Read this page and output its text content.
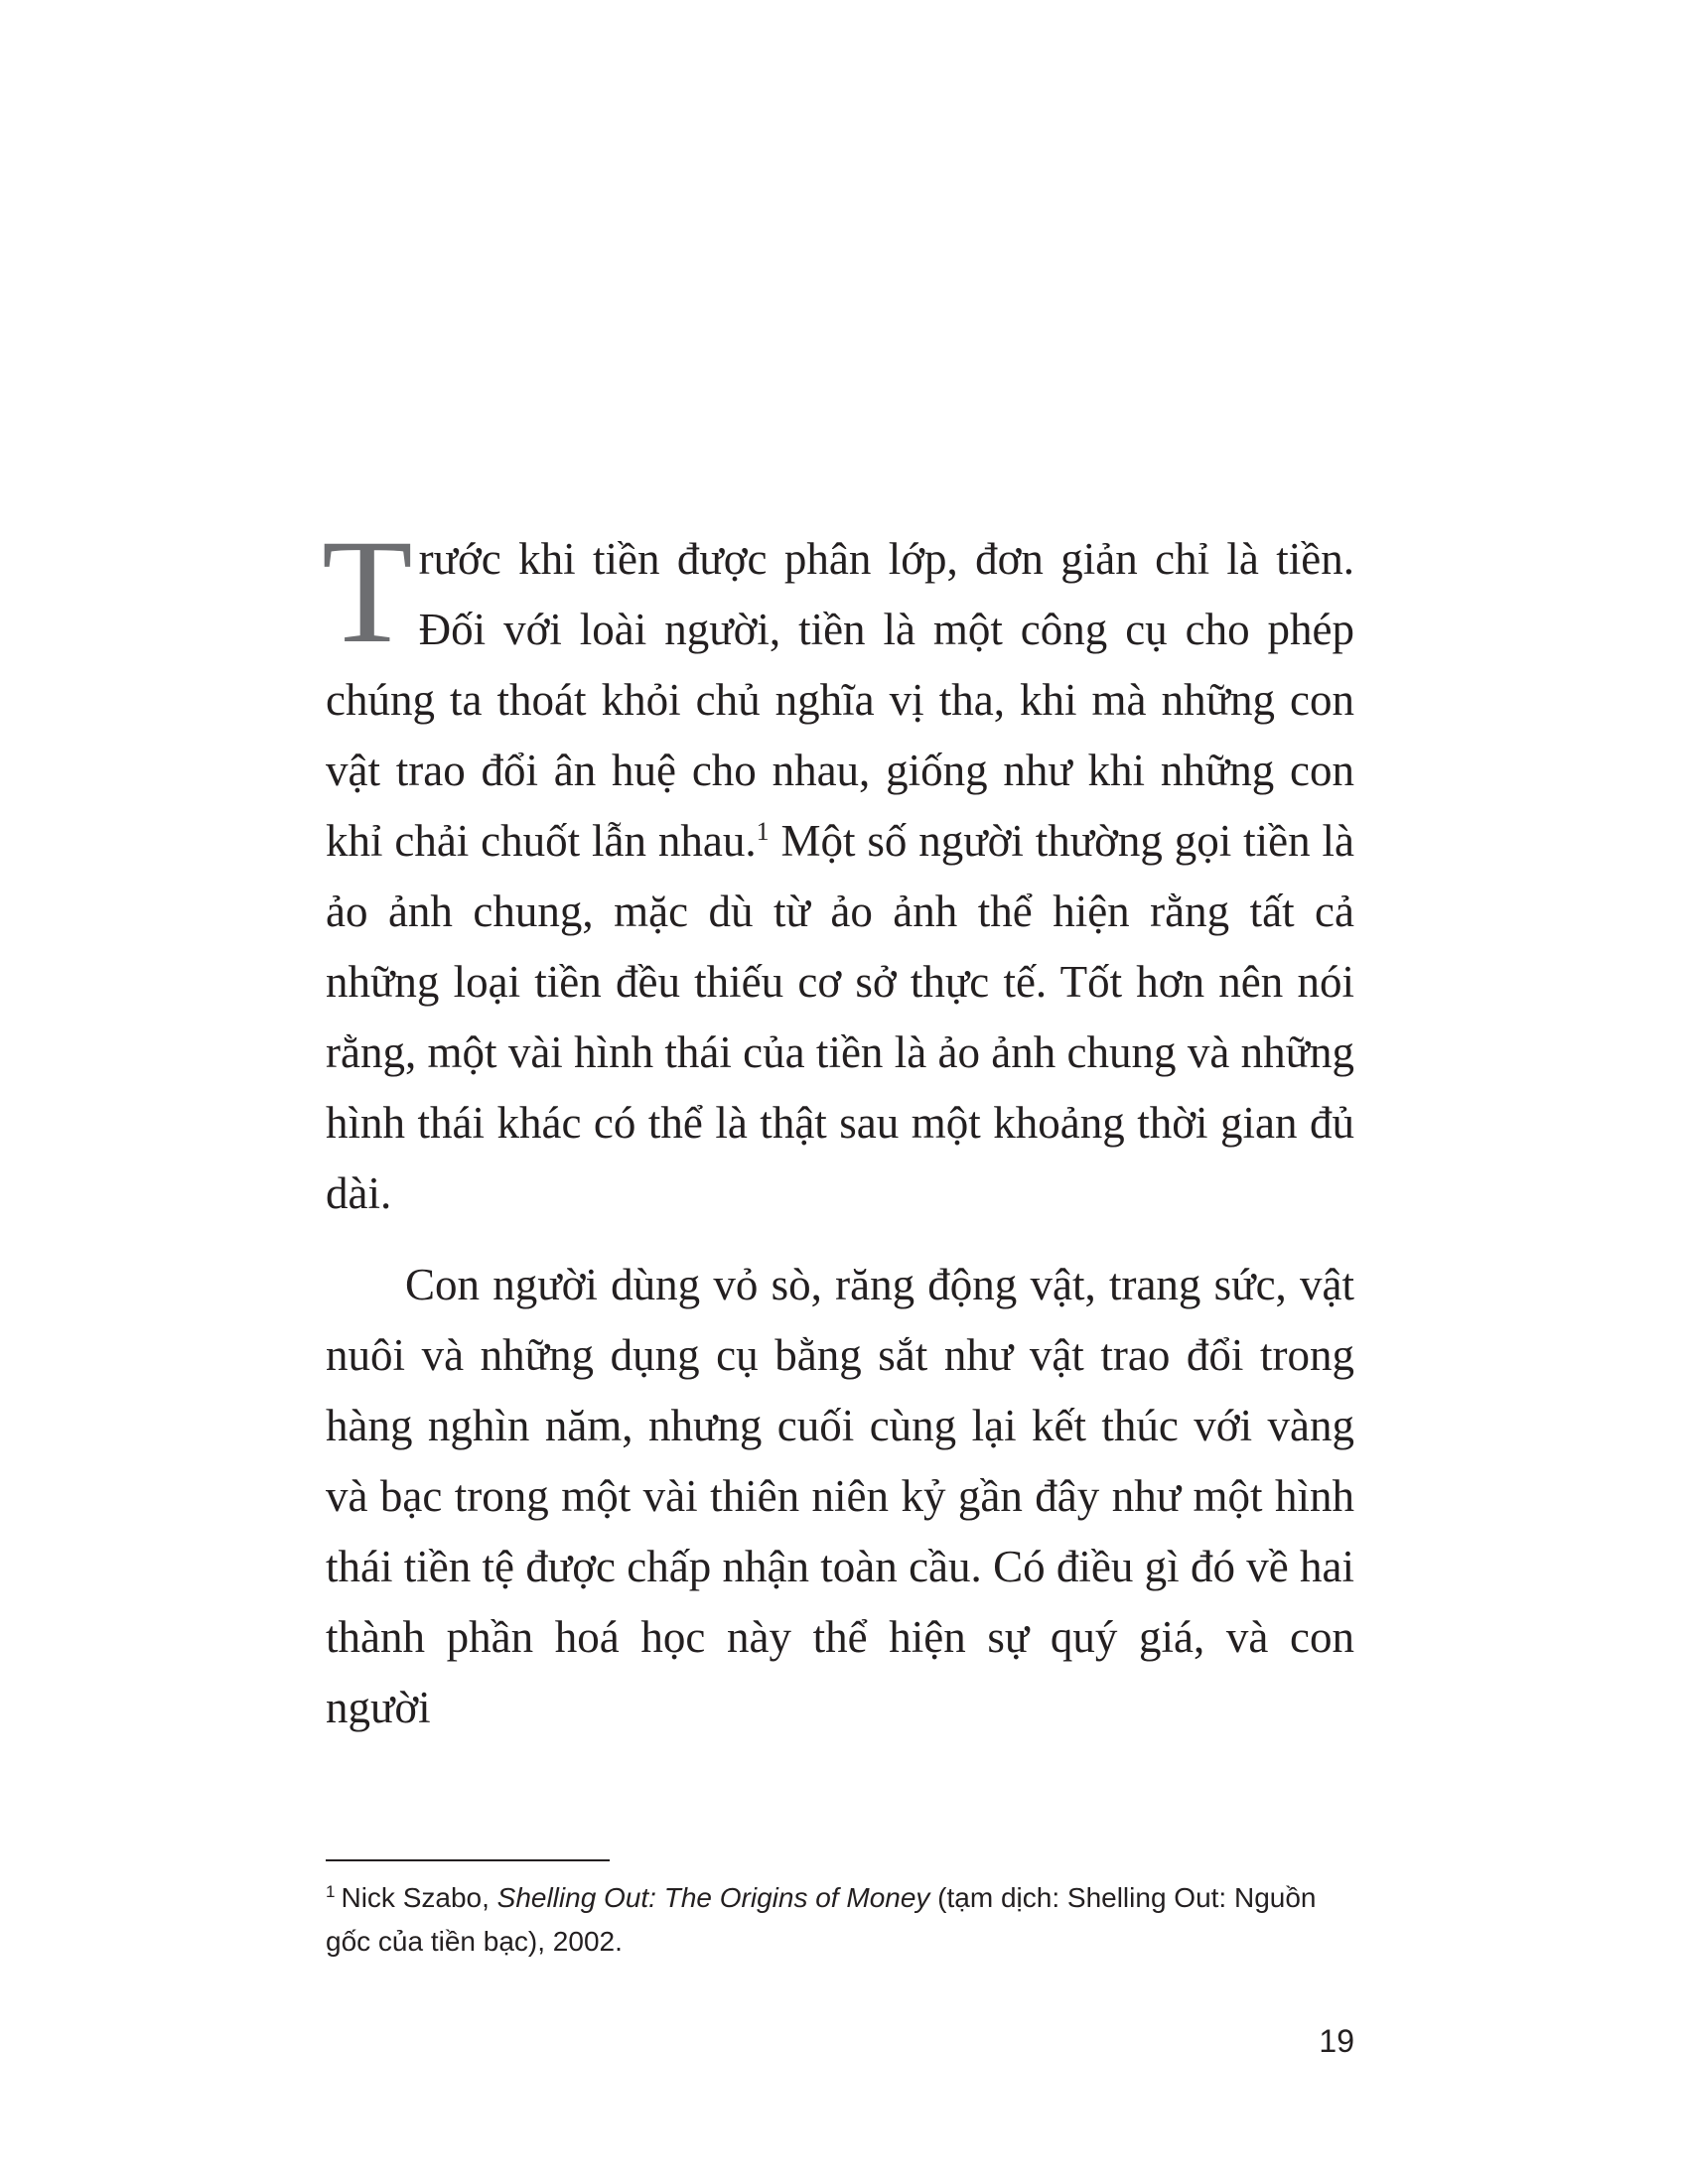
Trước khi tiền được phân lớp, đơn giản chỉ là tiền. Đối với loài người, tiền là một công cụ cho phép chúng ta thoát khỏi chủ nghĩa vị tha, khi mà những con vật trao đổi ân huệ cho nhau, giống như khi những con khỉ chải chuốt lẫn nhau.$^1$ Một số người thường gọi tiền là ảo ảnh chung, mặc dù từ ảo ảnh thể hiện rằng tất cả những loại tiền đều thiếu cơ sở thực tế. Tốt hơn nên nói rằng, một vài hình thái của tiền là ảo ảnh chung và những hình thái khác có thể là thật sau một khoảng thời gian đủ dài.

Con người dùng vỏ sò, răng động vật, trang sức, vật nuôi và những dụng cụ bằng sắt như vật trao đổi trong hàng nghìn năm, nhưng cuối cùng lại kết thúc với vàng và bạc trong một vài thiên niên kỷ gần đây như một hình thái tiền tệ được chấp nhận toàn cầu. Có điều gì đó về hai thành phần hoá học này thể hiện sự quý giá, và con người

$^1$ Nick Szabo, Shelling Out: The Origins of Money (tạm dịch: Shelling Out: Nguồn gốc của tiền bạc), 2002.
19
